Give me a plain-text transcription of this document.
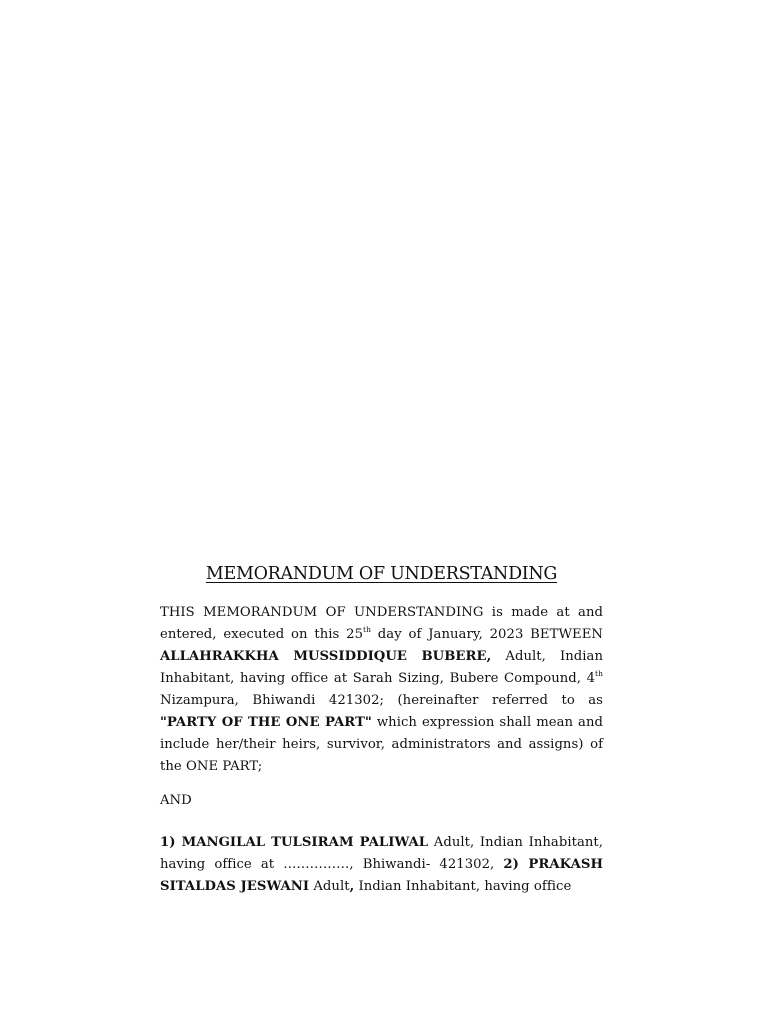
MEMORANDUM OF UNDERSTANDING

THIS MEMORANDUM OF UNDERSTANDING is made at and entered, executed on this 25th day of January, 2023 BETWEEN ALLAHRAKKHA MUSSIDDIQUE BUBERE, Adult, Indian Inhabitant, having office at Sarah Sizing, Bubere Compound, 4th Nizampura, Bhiwandi 421302; (hereinafter referred to as "PARTY OF THE ONE PART" which expression shall mean and include her/their heirs, survivor, administrators and assigns) of the ONE PART;

AND

1) MANGILAL TULSIRAM PALIWAL Adult, Indian Inhabitant, having office at ……………, Bhiwandi- 421302, 2) PRAKASH SITALDAS JESWANI Adult, Indian Inhabitant, having office
